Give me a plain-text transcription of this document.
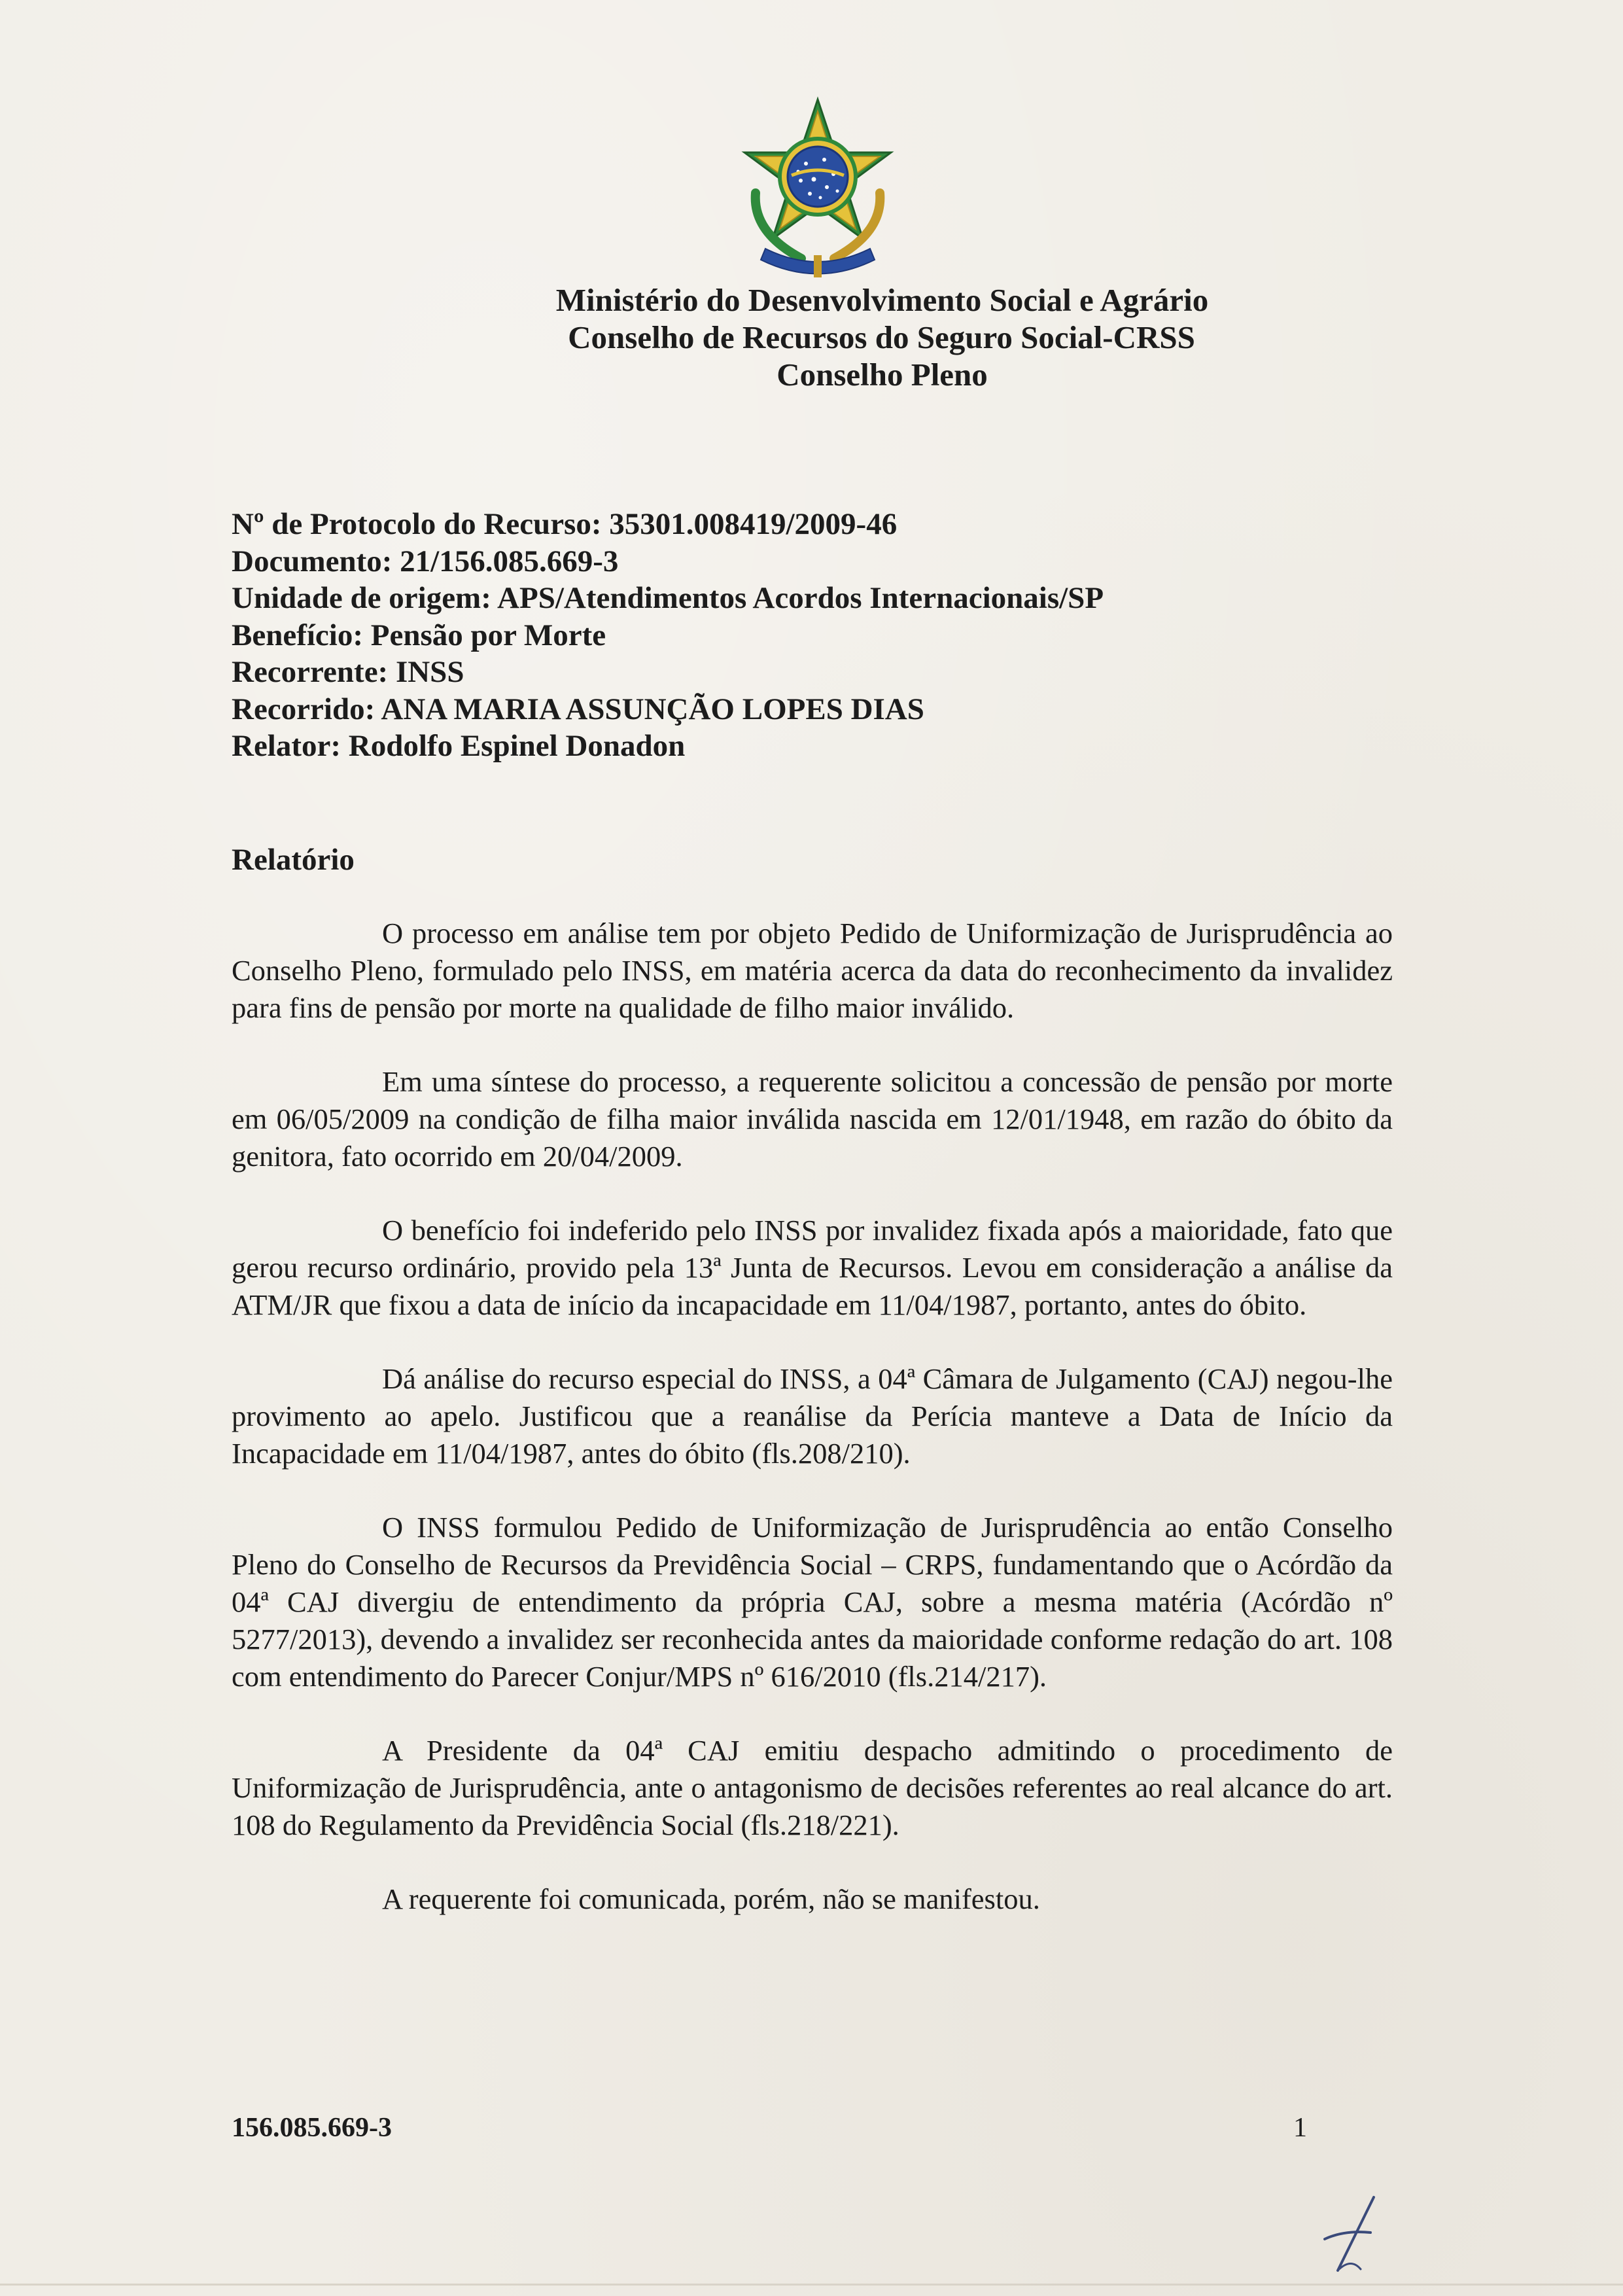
Ministério do Desenvolvimento Social e Agrário
Conselho de Recursos do Seguro Social-CRSS
Conselho Pleno
Nº de Protocolo do Recurso: 35301.008419/2009-46
Documento: 21/156.085.669-3
Unidade de origem: APS/Atendimentos Acordos Internacionais/SP
Benefício: Pensão por Morte
Recorrente: INSS
Recorrido: ANA MARIA ASSUNÇÃO LOPES DIAS
Relator: Rodolfo Espinel Donadon
Relatório

O processo em análise tem por objeto Pedido de Uniformização de Jurisprudência ao Conselho Pleno, formulado pelo INSS, em matéria acerca da data do reconhecimento da invalidez para fins de pensão por morte na qualidade de filho maior inválido.

Em uma síntese do processo, a requerente solicitou a concessão de pensão por morte em 06/05/2009 na condição de filha maior inválida nascida em 12/01/1948, em razão do óbito da genitora, fato ocorrido em 20/04/2009.

O benefício foi indeferido pelo INSS por invalidez fixada após a maioridade, fato que gerou recurso ordinário, provido pela 13ª Junta de Recursos. Levou em consideração a análise da ATM/JR que fixou a data de início da incapacidade em 11/04/1987, portanto, antes do óbito.

Dá análise do recurso especial do INSS, a 04ª Câmara de Julgamento (CAJ) negou-lhe provimento ao apelo. Justificou que a reanálise da Perícia manteve a Data de Início da Incapacidade em 11/04/1987, antes do óbito (fls.208/210).

O INSS formulou Pedido de Uniformização de Jurisprudência ao então Conselho Pleno do Conselho de Recursos da Previdência Social – CRPS, fundamentando que o Acórdão da 04ª CAJ divergiu de entendimento da própria CAJ, sobre a mesma matéria (Acórdão nº 5277/2013), devendo a invalidez ser reconhecida antes da maioridade conforme redação do art. 108 com entendimento do Parecer Conjur/MPS nº 616/2010 (fls.214/217).

A Presidente da 04ª CAJ emitiu despacho admitindo o procedimento de Uniformização de Jurisprudência, ante o antagonismo de decisões referentes ao real alcance do art. 108 do Regulamento da Previdência Social (fls.218/221).

A requerente foi comunicada, porém, não se manifestou.

156.085.669-3	1
